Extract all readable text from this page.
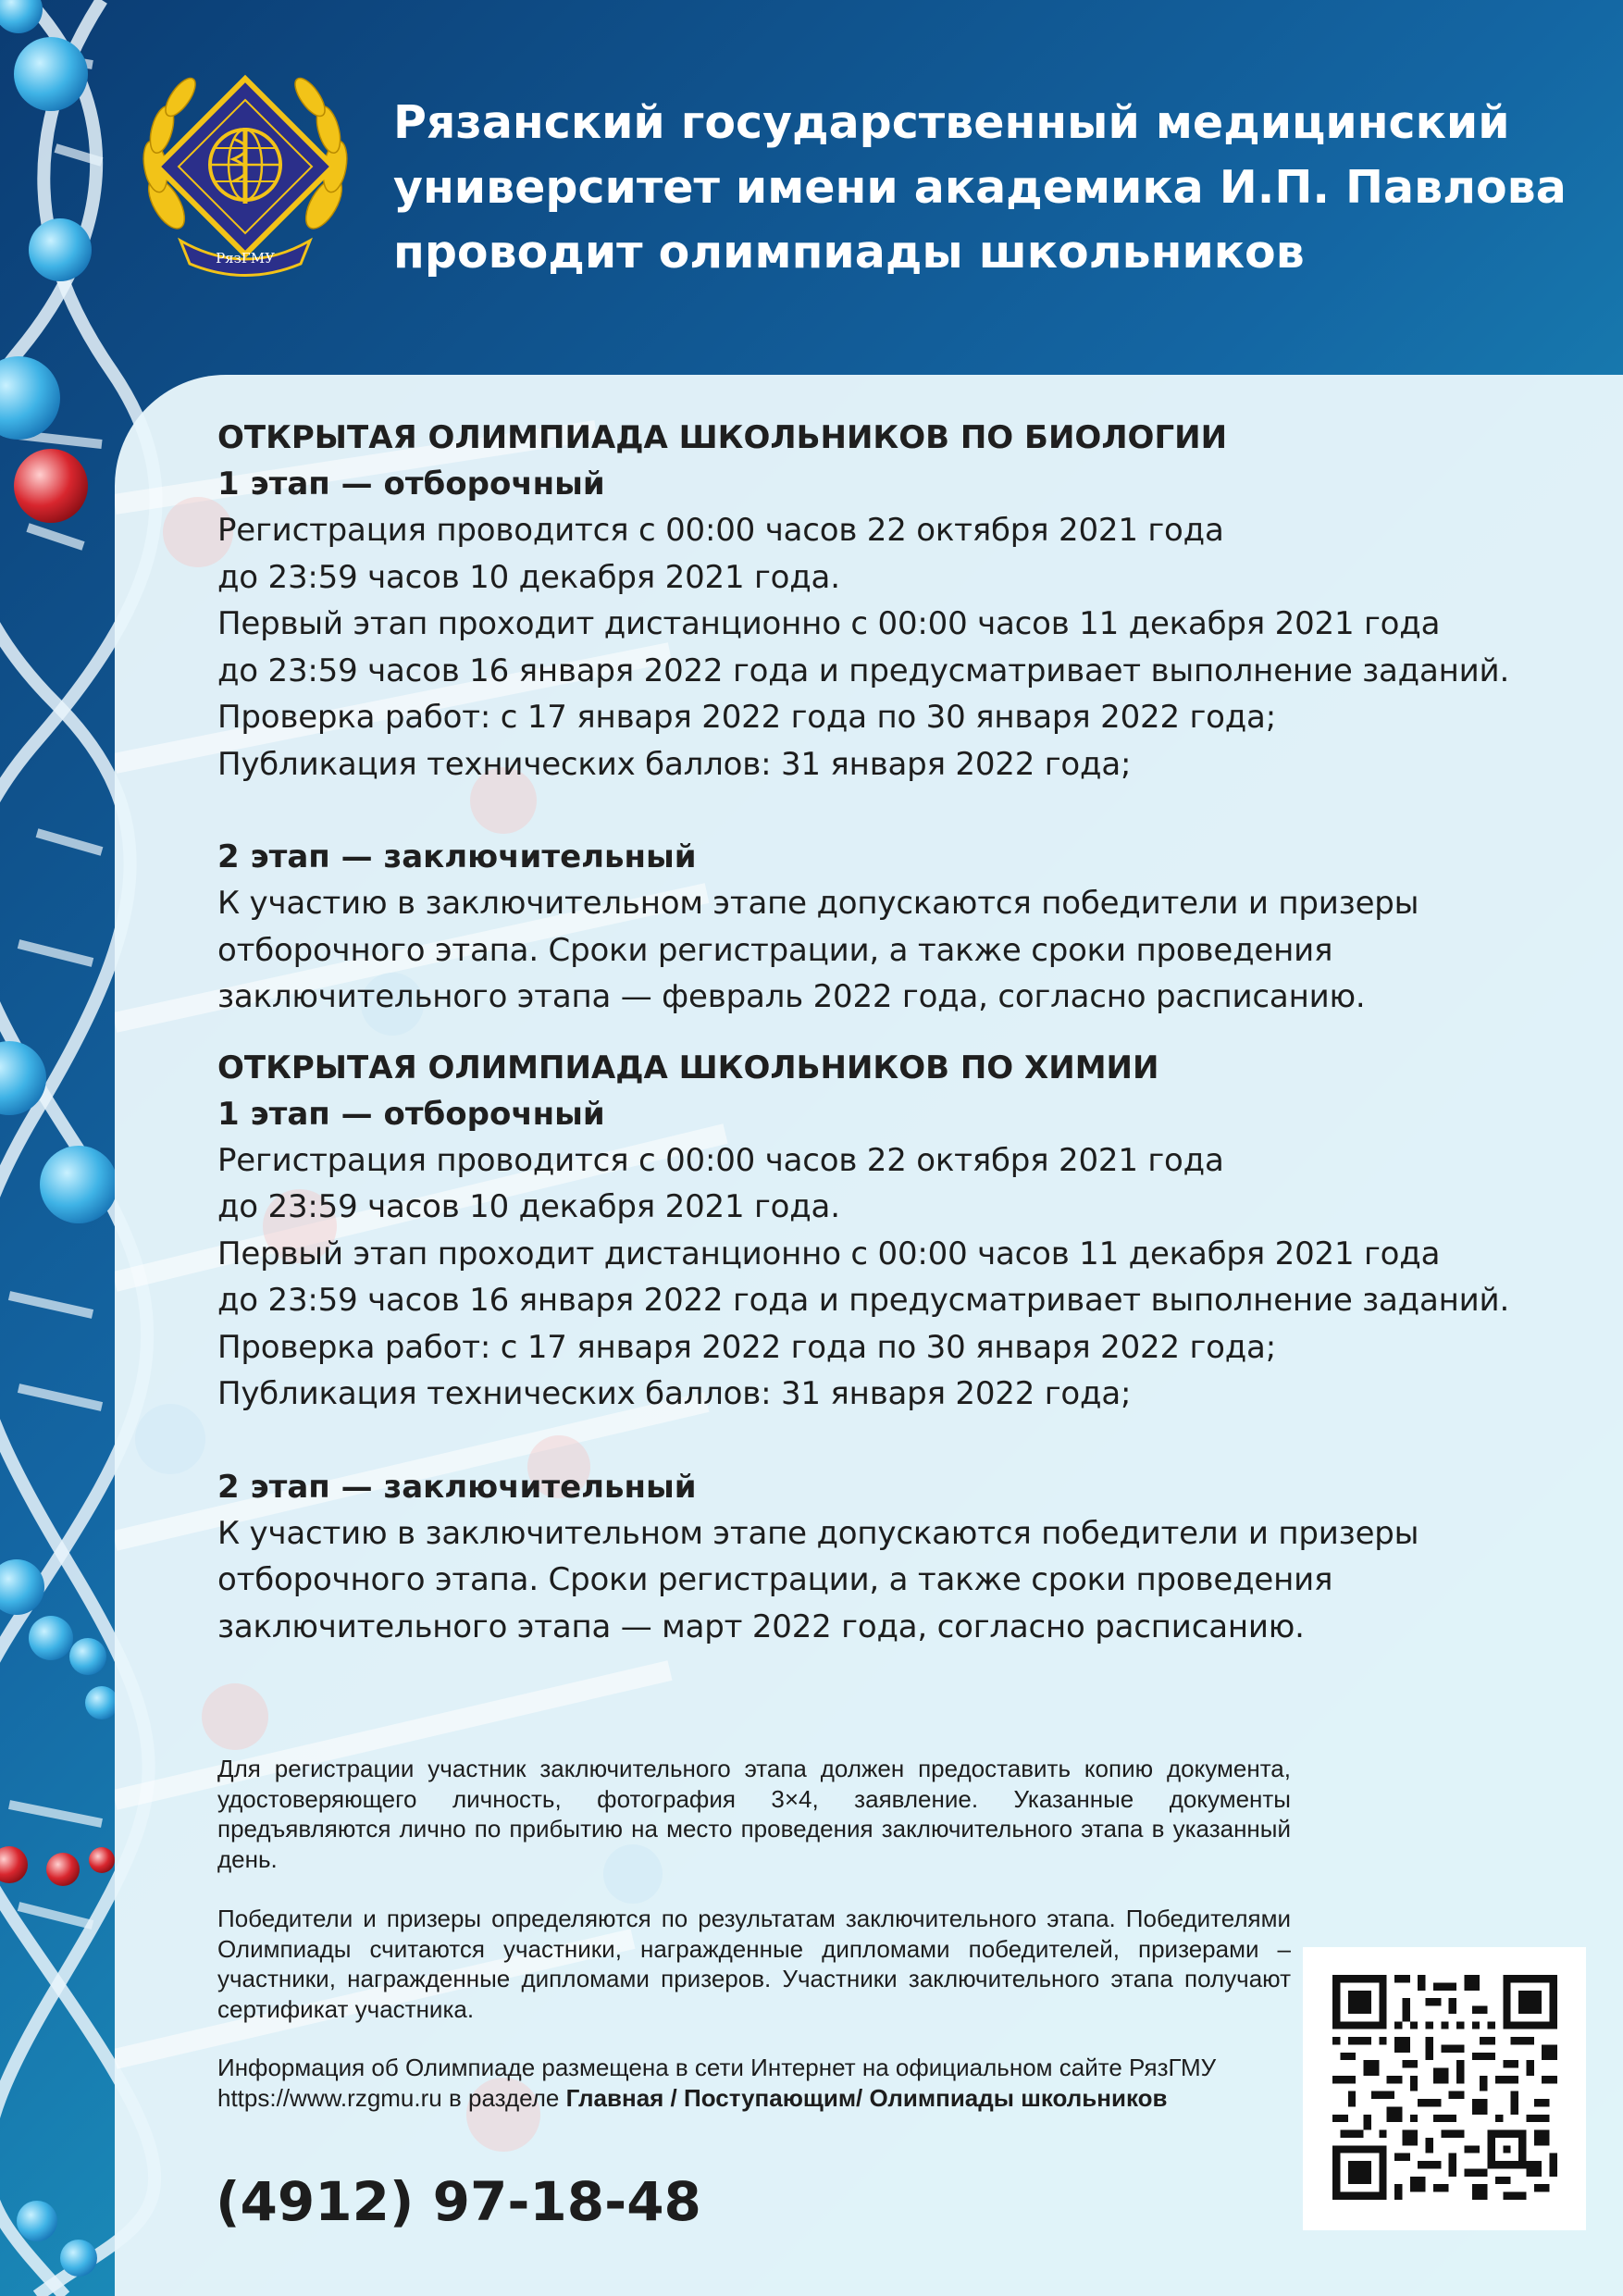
РязГМУ
Рязанский государственный медицинский
университет имени академика И.П. Павлова
проводит олимпиады школьников
ОТКРЫТАЯ ОЛИМПИАДА ШКОЛЬНИКОВ ПО БИОЛОГИИ
1 этап — отборочный

Регистрация проводится с 00:00 часов 22 октября 2021 года

до 23:59 часов 10 декабря 2021 года.

Первый этап проходит дистанционно с 00:00 часов 11 декабря 2021 года

до 23:59 часов 16 января 2022 года и предусматривает выполнение заданий.

Проверка работ: с 17 января 2022 года по 30 января 2022 года;

Публикация технических баллов: 31 января 2022 года;

2 этап — заключительный

К участию в заключительном этапе допускаются победители и призеры

отборочного этапа. Сроки регистрации, а также сроки проведения

заключительного этапа — февраль 2022 года, согласно расписанию.

ОТКРЫТАЯ ОЛИМПИАДА ШКОЛЬНИКОВ ПО ХИМИИ
1 этап — отборочный

Регистрация проводится с 00:00 часов 22 октября 2021 года

до 23:59 часов 10 декабря 2021 года.

Первый этап проходит дистанционно с 00:00 часов 11 декабря 2021 года

до 23:59 часов 16 января 2022 года и предусматривает выполнение заданий.

Проверка работ: с 17 января 2022 года по 30 января 2022 года;

Публикация технических баллов: 31 января 2022 года;

2 этап — заключительный

К участию в заключительном этапе допускаются победители и призеры

отборочного этапа. Сроки регистрации, а также сроки проведения

заключительного этапа — март 2022 года, согласно расписанию.

Для регистрации участник заключительного этапа должен предоставить копию документа, удостоверяющего личность, фотография 3×4, заявление. Указанные документы предъявляются лично по прибытию на место проведения заключительного этапа в указанный день.

Победители и призеры определяются по результатам заключительного этапа. Победителями Олимпиады считаются участники, награжденные дипломами победителей, призерами – участники, награжденные дипломами призеров. Участники заключительного этапа получают сертификат участника.

Информация об Олимпиаде размещена в сети Интернет на официальном сайте РязГМУ
https://www.rzgmu.ru в разделе Главная / Поступающим/ Олимпиады школьников

(4912) 97-18-48
